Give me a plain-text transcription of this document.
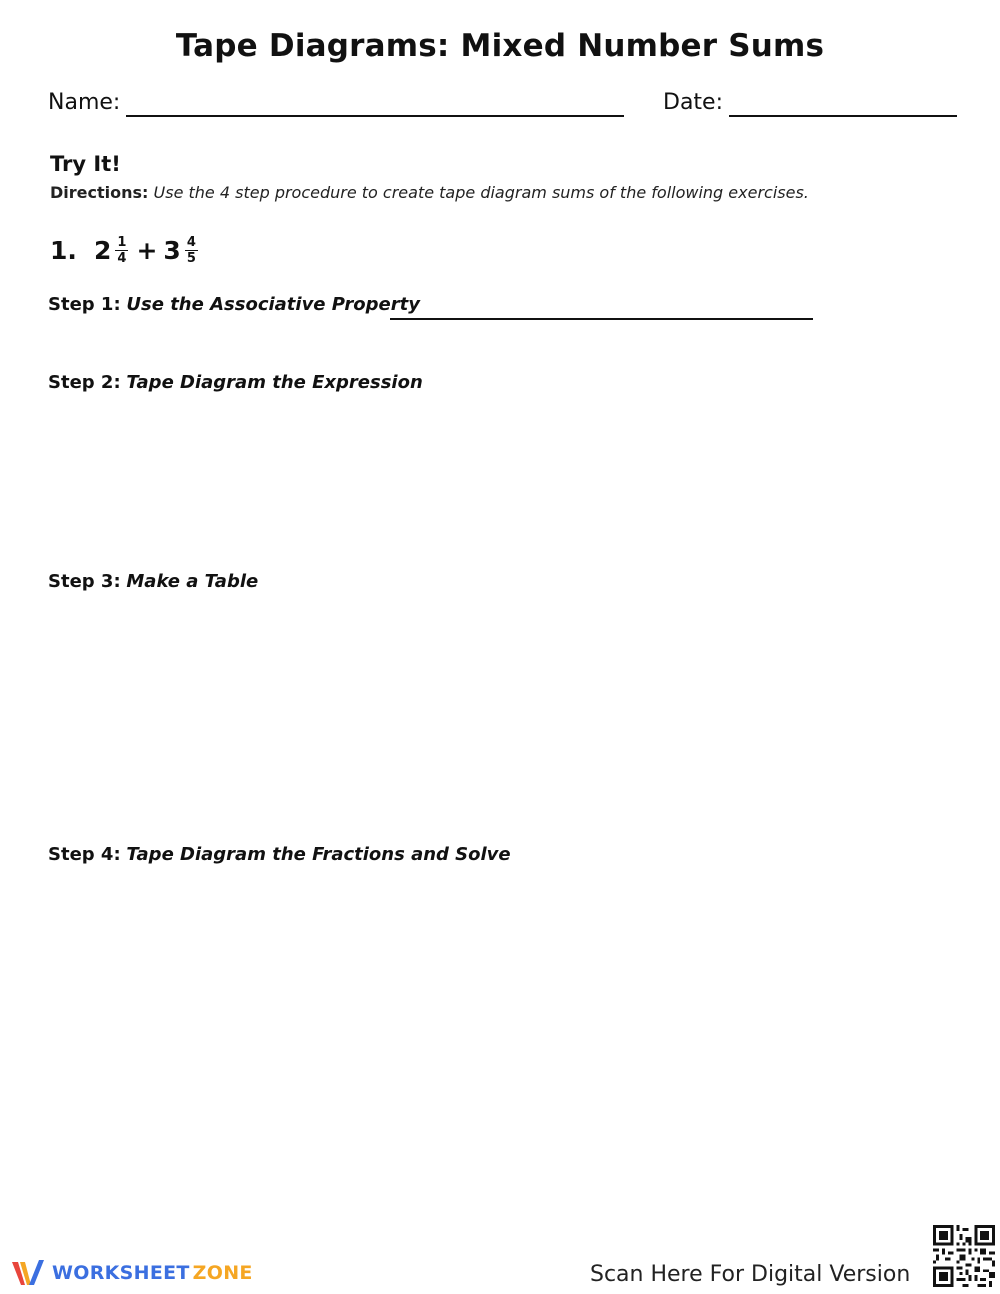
Tape Diagrams: Mixed Number Sums
Name:	Date:
Try It!
Directions: Use the 4 step procedure to create tape diagram sums of the following exercises.
1. $2 \frac{1}{4} + 3 \frac{4}{5}$
Step 1: Use the Associative Property
Step 2: Tape Diagram the Expression
Step 3: Make a Table
Step 4: Tape Diagram the Fractions and Solve
WORKSHEET ZONE	Scan Here For Digital Version
